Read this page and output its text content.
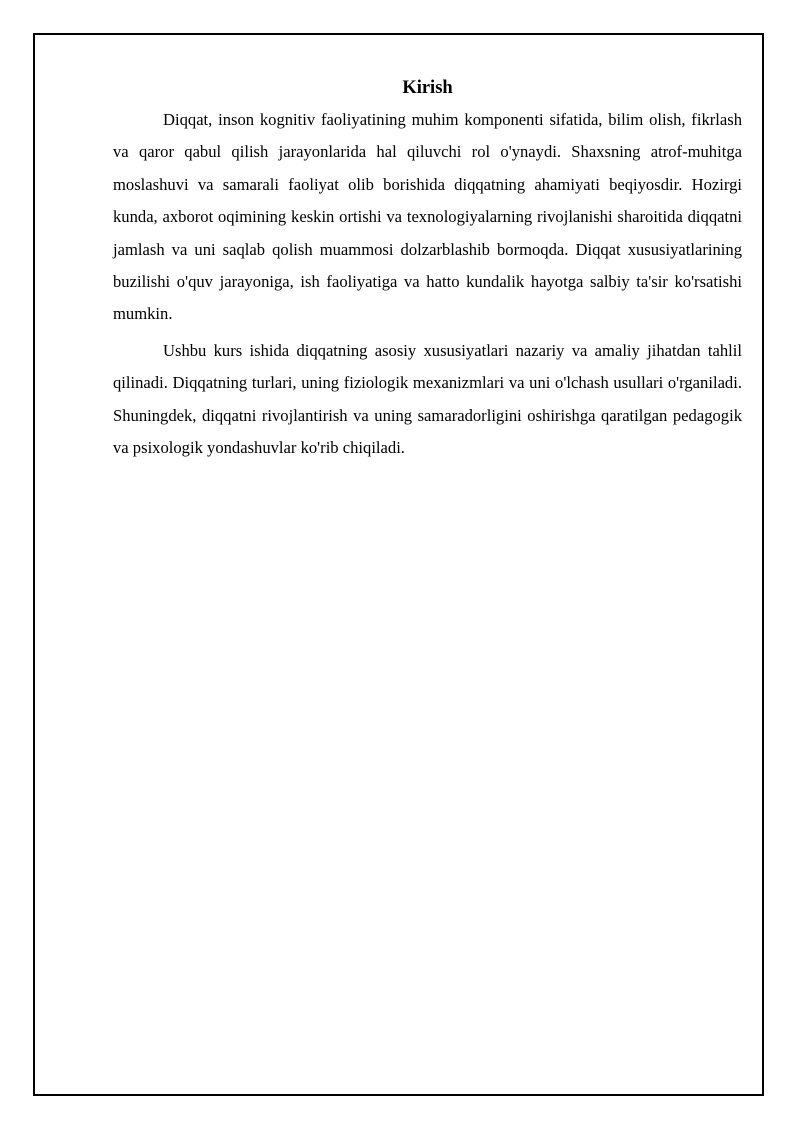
Kirish

Diqqat, inson kognitiv faoliyatining muhim komponenti sifatida, bilim olish, fikrlash va qaror qabul qilish jarayonlarida hal qiluvchi rol o'ynaydi. Shaxsning atrof-muhitga moslashuvi va samarali faoliyat olib borishida diqqatning ahamiyati beqiyosdir. Hozirgi kunda, axborot oqimining keskin ortishi va texnologiyalarning rivojlanishi sharoitida diqqatni jamlash va uni saqlab qolish muammosi dolzarblashib bormoqda. Diqqat xususiyatlarining buzilishi o'quv jarayoniga, ish faoliyatiga va hatto kundalik hayotga salbiy ta'sir ko'rsatishi mumkin.

Ushbu kurs ishida diqqatning asosiy xususiyatlari nazariy va amaliy jihatdan tahlil qilinadi. Diqqatning turlari, uning fiziologik mexanizmlari va uni o'lchash usullari o'rganiladi. Shuningdek, diqqatni rivojlantirish va uning samaradorligini oshirishga qaratilgan pedagogik va psixologik yondashuvlar ko'rib chiqiladi.
